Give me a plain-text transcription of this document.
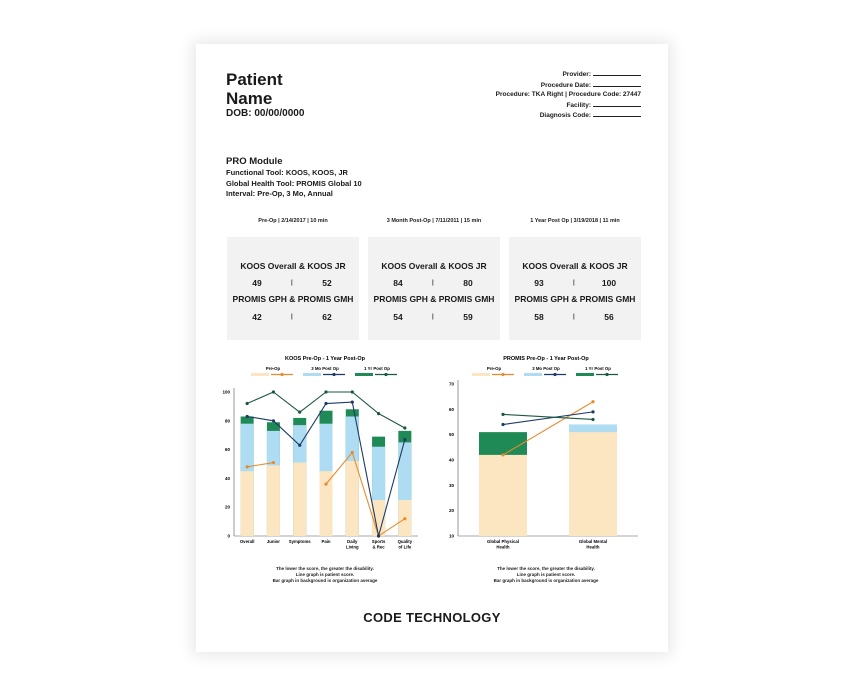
Patient
Name
DOB: 00/00/0000
Provider:
Procedure Date:
Procedure: TKA Right | Procedure Code: 27447
Facility:
Diagnosis Code:
PRO Module
Functional Tool: KOOS, KOOS, JR
Global Health Tool: PROMIS Global 10
Interval: Pre-Op, 3 Mo, Annual
Pre-Op | 2/14/2017 | 10 min
KOOS Overall & KOOS JR
49	|	52
PROMIS GPH & PROMIS GMH
42	|	62
3 Month Post-Op | 7/11/2011 | 15 min
KOOS Overall & KOOS JR
84	|	80
PROMIS GPH & PROMIS GMH
54	|	59
1 Year Post Op | 3/19/2018 | 11 min
KOOS Overall & KOOS JR
93	|	100
PROMIS GPH & PROMIS GMH
58	|	56
KOOS Pre-Op - 1 Year Post-Op
Pre-Op	3 Mo Post Op	1 Yr Post Op
0
20
40
60
80
100
Overall	Junior Symptoms	Pain	Daily Living
Sports & Rec
Quality of Life
PROMIS Pre-Op - 1 Year Post-Op
Pre-Op	3 Mo Post Op	1 Yr Post Op
10
20
30
40
50
60
70
Global Physical Health
Global Mental Health
The lower the score, the greater the disability.
Line graph is patient score.
Bar graph in background is organization average
The lower the score, the greater the disability.
Line graph is patient score.
Bar graph in background is organization average
CODE TECHNOLOGY
